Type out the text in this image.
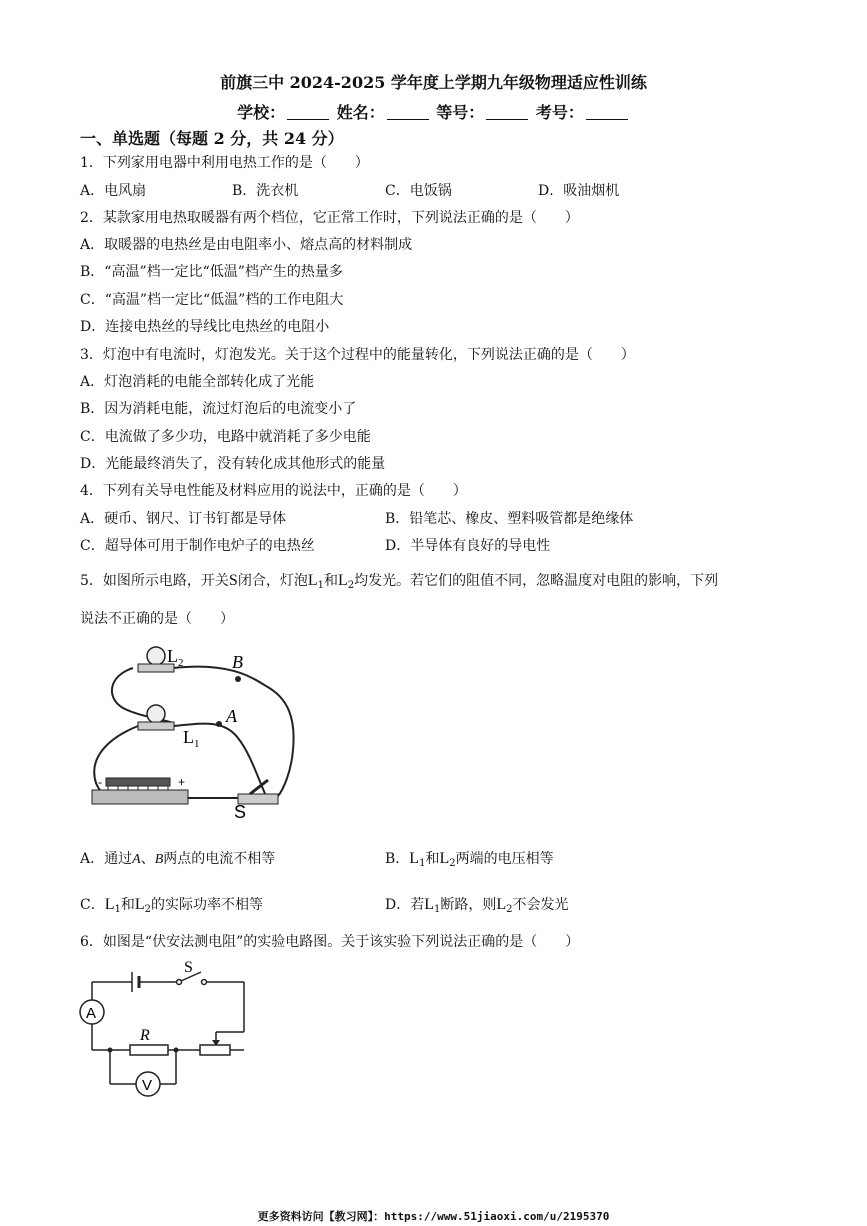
前旗三中 2024-2025 学年度上学期九年级物理适应性训练
学校：	姓名：	等号：	考号：
一、单选题（每题 2 分，共 24 分）
1．下列家用电器中利用电热工作的是（　　）
A．电风扇	B．洗衣机	C．电饭锅	D．吸油烟机
2．某款家用电热取暖器有两个档位，它正常工作时，下列说法正确的是（　　）
A．取暖器的电热丝是由电阻率小、熔点高的材料制成
B．“高温”档一定比“低温”档产生的热量多
C．“高温”档一定比“低温”档的工作电阻大
D．连接电热丝的导线比电热丝的电阻小
3．灯泡中有电流时，灯泡发光。关于这个过程中的能量转化，下列说法正确的是（　　）
A．灯泡消耗的电能全部转化成了光能
B．因为消耗电能，流过灯泡后的电流变小了
C．电流做了多少功，电路中就消耗了多少电能
D．光能最终消失了，没有转化成其他形式的能量
4．下列有关导电性能及材料应用的说法中，正确的是（　　）
A．硬币、钢尺、订书钉都是导体	B．铅笔芯、橡皮、塑料吸管都是绝缘体
C．超导体可用于制作电炉子的电热丝	D．半导体有良好的导电性
5．如图所示电路，开关S闭合，灯泡$L_1$和$L_2$均发光。若它们的阻值不同，忽略温度对电阻的影响，下列
说法不正确的是（　　）
$L_2$	B
A
$L_1$
S
-	+
A．通过A、B两点的电流不相等	B．$L_1$和$L_2$两端的电压相等
C．$L_1$和$L_2$的实际功率不相等	D．若$L_1$断路，则$L_2$不会发光
6．如图是“伏安法测电阻”的实验电路图。关于该实验下列说法正确的是（　　）
A
V
S
R
更多资料访问【教习网】：https://www.51jiaoxi.com/u/2195370
